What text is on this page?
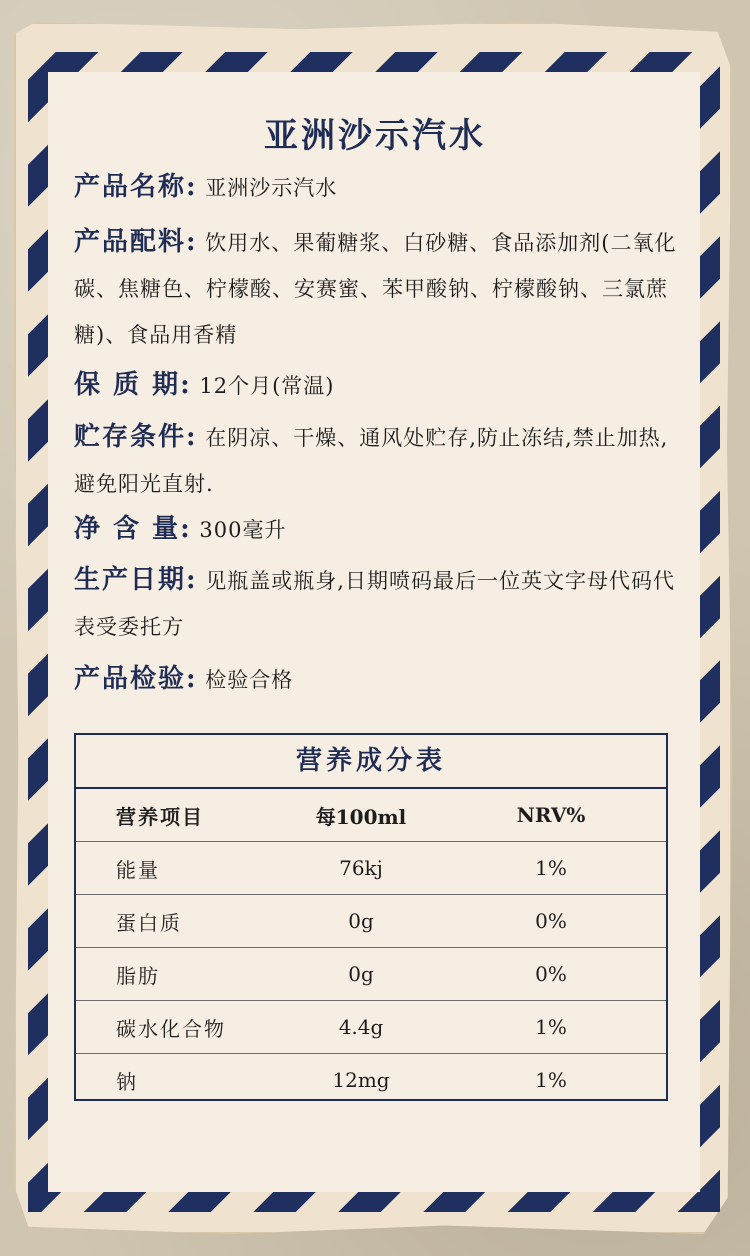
亚洲沙示汽水
产品名称: 亚洲沙示汽水
产品配料: 饮用水、果葡糖浆、白砂糖、食品添加剂(二氧化碳、焦糖色、柠檬酸、安赛蜜、苯甲酸钠、柠檬酸钠、三氯蔗糖)、食品用香精
保 质 期: 12个月(常温)
贮存条件: 在阴凉、干燥、通风处贮存,防止冻结,禁止加热,避免阳光直射.
净 含 量: 300毫升
生产日期: 见瓶盖或瓶身,日期喷码最后一位英文字母代码代表受委托方
产品检验: 检验合格
营养成分表
营养项目	每100ml	NRV%
能量	76kj	1%
蛋白质	0g	0%
脂肪	0g	0%
碳水化合物	4.4g	1%
钠	12mg	1%
